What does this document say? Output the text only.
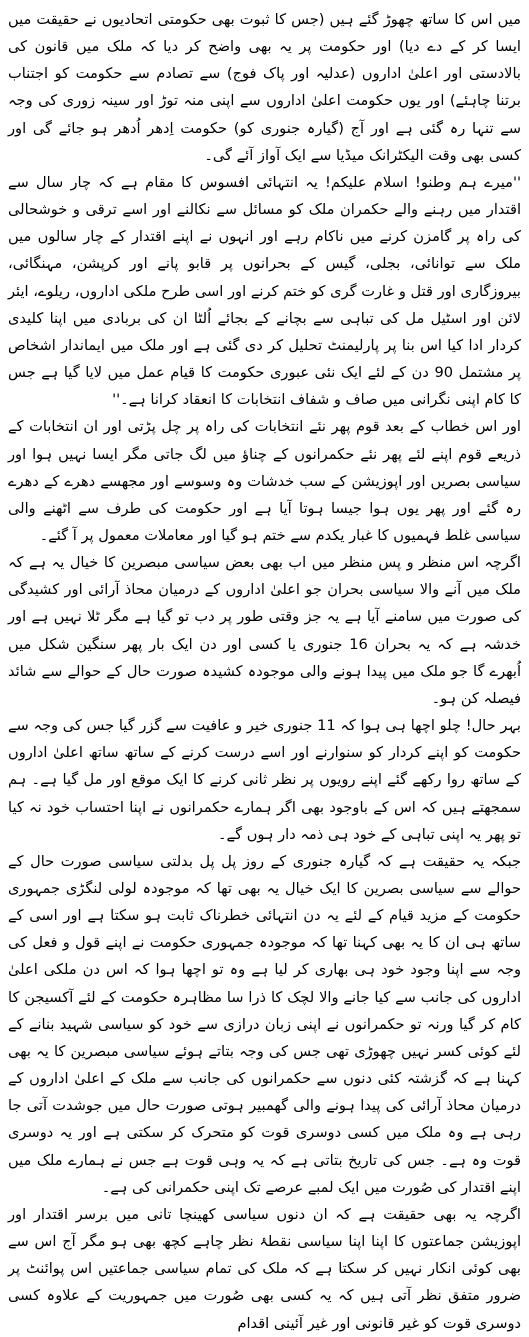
میں اس کا ساتھ چھوڑ گئے ہیں (جس کا ثبوت بھی حکومتی اتحادیوں نے حقیقت میں ایسا کر کے دے دیا) اور حکومت پر یہ بھی واضح کر دیا کہ ملک میں قانون کی بالادستی اور اعلیٰ اداروں (عدلیہ اور پاک فوج) سے تصادم سے حکومت کو اجتناب برتنا چاہئے) اور یوں حکومت اعلیٰ اداروں سے اپنی منہ توڑ اور سینہ زوری کی وجہ سے تنہا رہ گئی ہے اور آج (گیارہ جنوری کو) حکومت اِدھر اُدھر ہو جائے گی اور کسی بھی وقت الیکٹرانک میڈیا سے ایک آواز آئے گی۔

''میرے ہم وطنو! اسلام علیکم! یہ انتہائی افسوس کا مقام ہے کہ چار سال سے اقتدار میں رہنے والے حکمران ملک کو مسائل سے نکالنے اور اسے ترقی و خوشحالی کی راہ پر گامزن کرنے میں ناکام رہے اور انہوں نے اپنے اقتدار کے چار سالوں میں ملک سے توانائی، بجلی، گیس کے بحرانوں پر قابو پانے اور کرپشن، مہنگائی، بیروزگاری اور قتل و غارت گری کو ختم کرنے اور اسی طرح ملکی اداروں، ریلوے، ایئر لائن اور اسٹیل مل کی تباہی سے بچانے کے بجائے اُلٹا ان کی بربادی میں اپنا کلیدی کردار ادا کیا اس بنا پر پارلیمنٹ تحلیل کر دی گئی ہے اور ملک میں ایماندار اشخاص پر مشتمل 90 دن کے لئے ایک نئی عبوری حکومت کا قیام عمل میں لایا گیا ہے جس کا کام اپنی نگرانی میں صاف و شفاف انتخابات کا انعقاد کرانا ہے۔''

اور اس خطاب کے بعد قوم پھر نئے انتخابات کی راہ پر چل پڑتی اور ان انتخابات کے ذریعے قوم اپنے لئے پھر نئے حکمرانوں کے چناؤ میں لگ جاتی مگر ایسا نہیں ہوا اور سیاسی بصریں اور اپوزیشن کے سب خدشات وہ وسوسے اور مجھسے دھرے کے دھرے رہ گئے اور پھر یوں ہوا جیسا ہوتا آیا ہے اور حکومت کی طرف سے اٹھنے والی سیاسی غلط فہمیوں کا غبار یکدم سے ختم ہو گیا اور معاملات معمول پر آ گئے۔

اگرچہ اس منظر و پس منظر میں اب بھی بعض سیاسی مبصرین کا خیال یہ ہے کہ ملک میں آنے والا سیاسی بحران جو اعلیٰ اداروں کے درمیان محاذ آرائی اور کشیدگی کی صورت میں سامنے آیا ہے یہ جز وقتی طور پر دب تو گیا ہے مگر ٹلا نہیں ہے اور خدشہ ہے کہ یہ بحران 16 جنوری یا کسی اور دن ایک بار پھر سنگین شکل میں اُبھرے گا جو ملک میں پیدا ہونے والی موجودہ کشیدہ صورت حال کے حوالے سے شائد فیصلہ کن ہو۔

بہر حال! چلو اچھا ہی ہوا کہ 11 جنوری خیر و عافیت سے گزر گیا جس کی وجہ سے حکومت کو اپنے کردار کو سنوارنے اور اسے درست کرنے کے ساتھ ساتھ اعلیٰ اداروں کے ساتھ روا رکھے گئے اپنے رویوں پر نظر ثانی کرنے کا ایک موقع اور مل گیا ہے۔ ہم سمجھتے ہیں کہ اس کے باوجود بھی اگر ہمارے حکمرانوں نے اپنا احتساب خود نہ کیا تو پھر یہ اپنی تباہی کے خود ہی ذمہ دار ہوں گے۔

جبکہ یہ حقیقت ہے کہ گیارہ جنوری کے روز پل پل بدلتی سیاسی صورت حال کے حوالے سے سیاسی بصرین کا ایک خیال یہ بھی تھا کہ موجودہ لولی لنگڑی جمہوری حکومت کے مزید قیام کے لئے یہ دن انتہائی خطرناک ثابت ہو سکتا ہے اور اسی کے ساتھ ہی ان کا یہ بھی کہنا تھا کہ موجودہ جمہوری حکومت نے اپنے قول و فعل کی وجہ سے اپنا وجود خود ہی بھاری کر لیا ہے وہ تو اچھا ہوا کہ اس دن ملکی اعلیٰ اداروں کی جانب سے کیا جانے والا لچک کا ذرا سا مظاہرہ حکومت کے لئے آکسیجن کا کام کر گیا ورنہ تو حکمرانوں نے اپنی زبان درازی سے خود کو سیاسی شہید بنانے کے لئے کوئی کسر نہیں چھوڑی تھی جس کی وجہ بتاتے ہوئے سیاسی مبصرین کا یہ بھی کہنا ہے کہ گزشتہ کئی دنوں سے حکمرانوں کی جانب سے ملک کے اعلیٰ اداروں کے درمیان محاذ آرائی کی پیدا ہونے والی گھمبیر ہوتی صورت حال میں جوشدت آتی جا رہی ہے وہ ملک میں کسی دوسری قوت کو متحرک کر سکتی ہے اور یہ دوسری قوت وہ ہے۔ جس کی تاریخ بتاتی ہے کہ یہ وہی قوت ہے جس نے ہمارے ملک میں اپنے اقتدار کی صُورت میں ایک لمبے عرصے تک اپنی حکمرانی کی ہے۔

اگرچہ یہ بھی حقیقت ہے کہ ان دنوں سیاسی کھینچا تانی میں برسر اقتدار اور اپوزیشن جماعتوں کا اپنا اپنا سیاسی نقطۂ نظر چاہے کچھ بھی ہو مگر آج اس سے بھی کوئی انکار نہیں کر سکتا ہے کہ ملک کی تمام سیاسی جماعتیں اس پوائنٹ پر ضرور متفق نظر آتی ہیں کہ یہ کسی بھی صُورت میں جمہوریت کے علاوہ کسی دوسری قوت کو غیر قانونی اور غیر آئینی اقدام
